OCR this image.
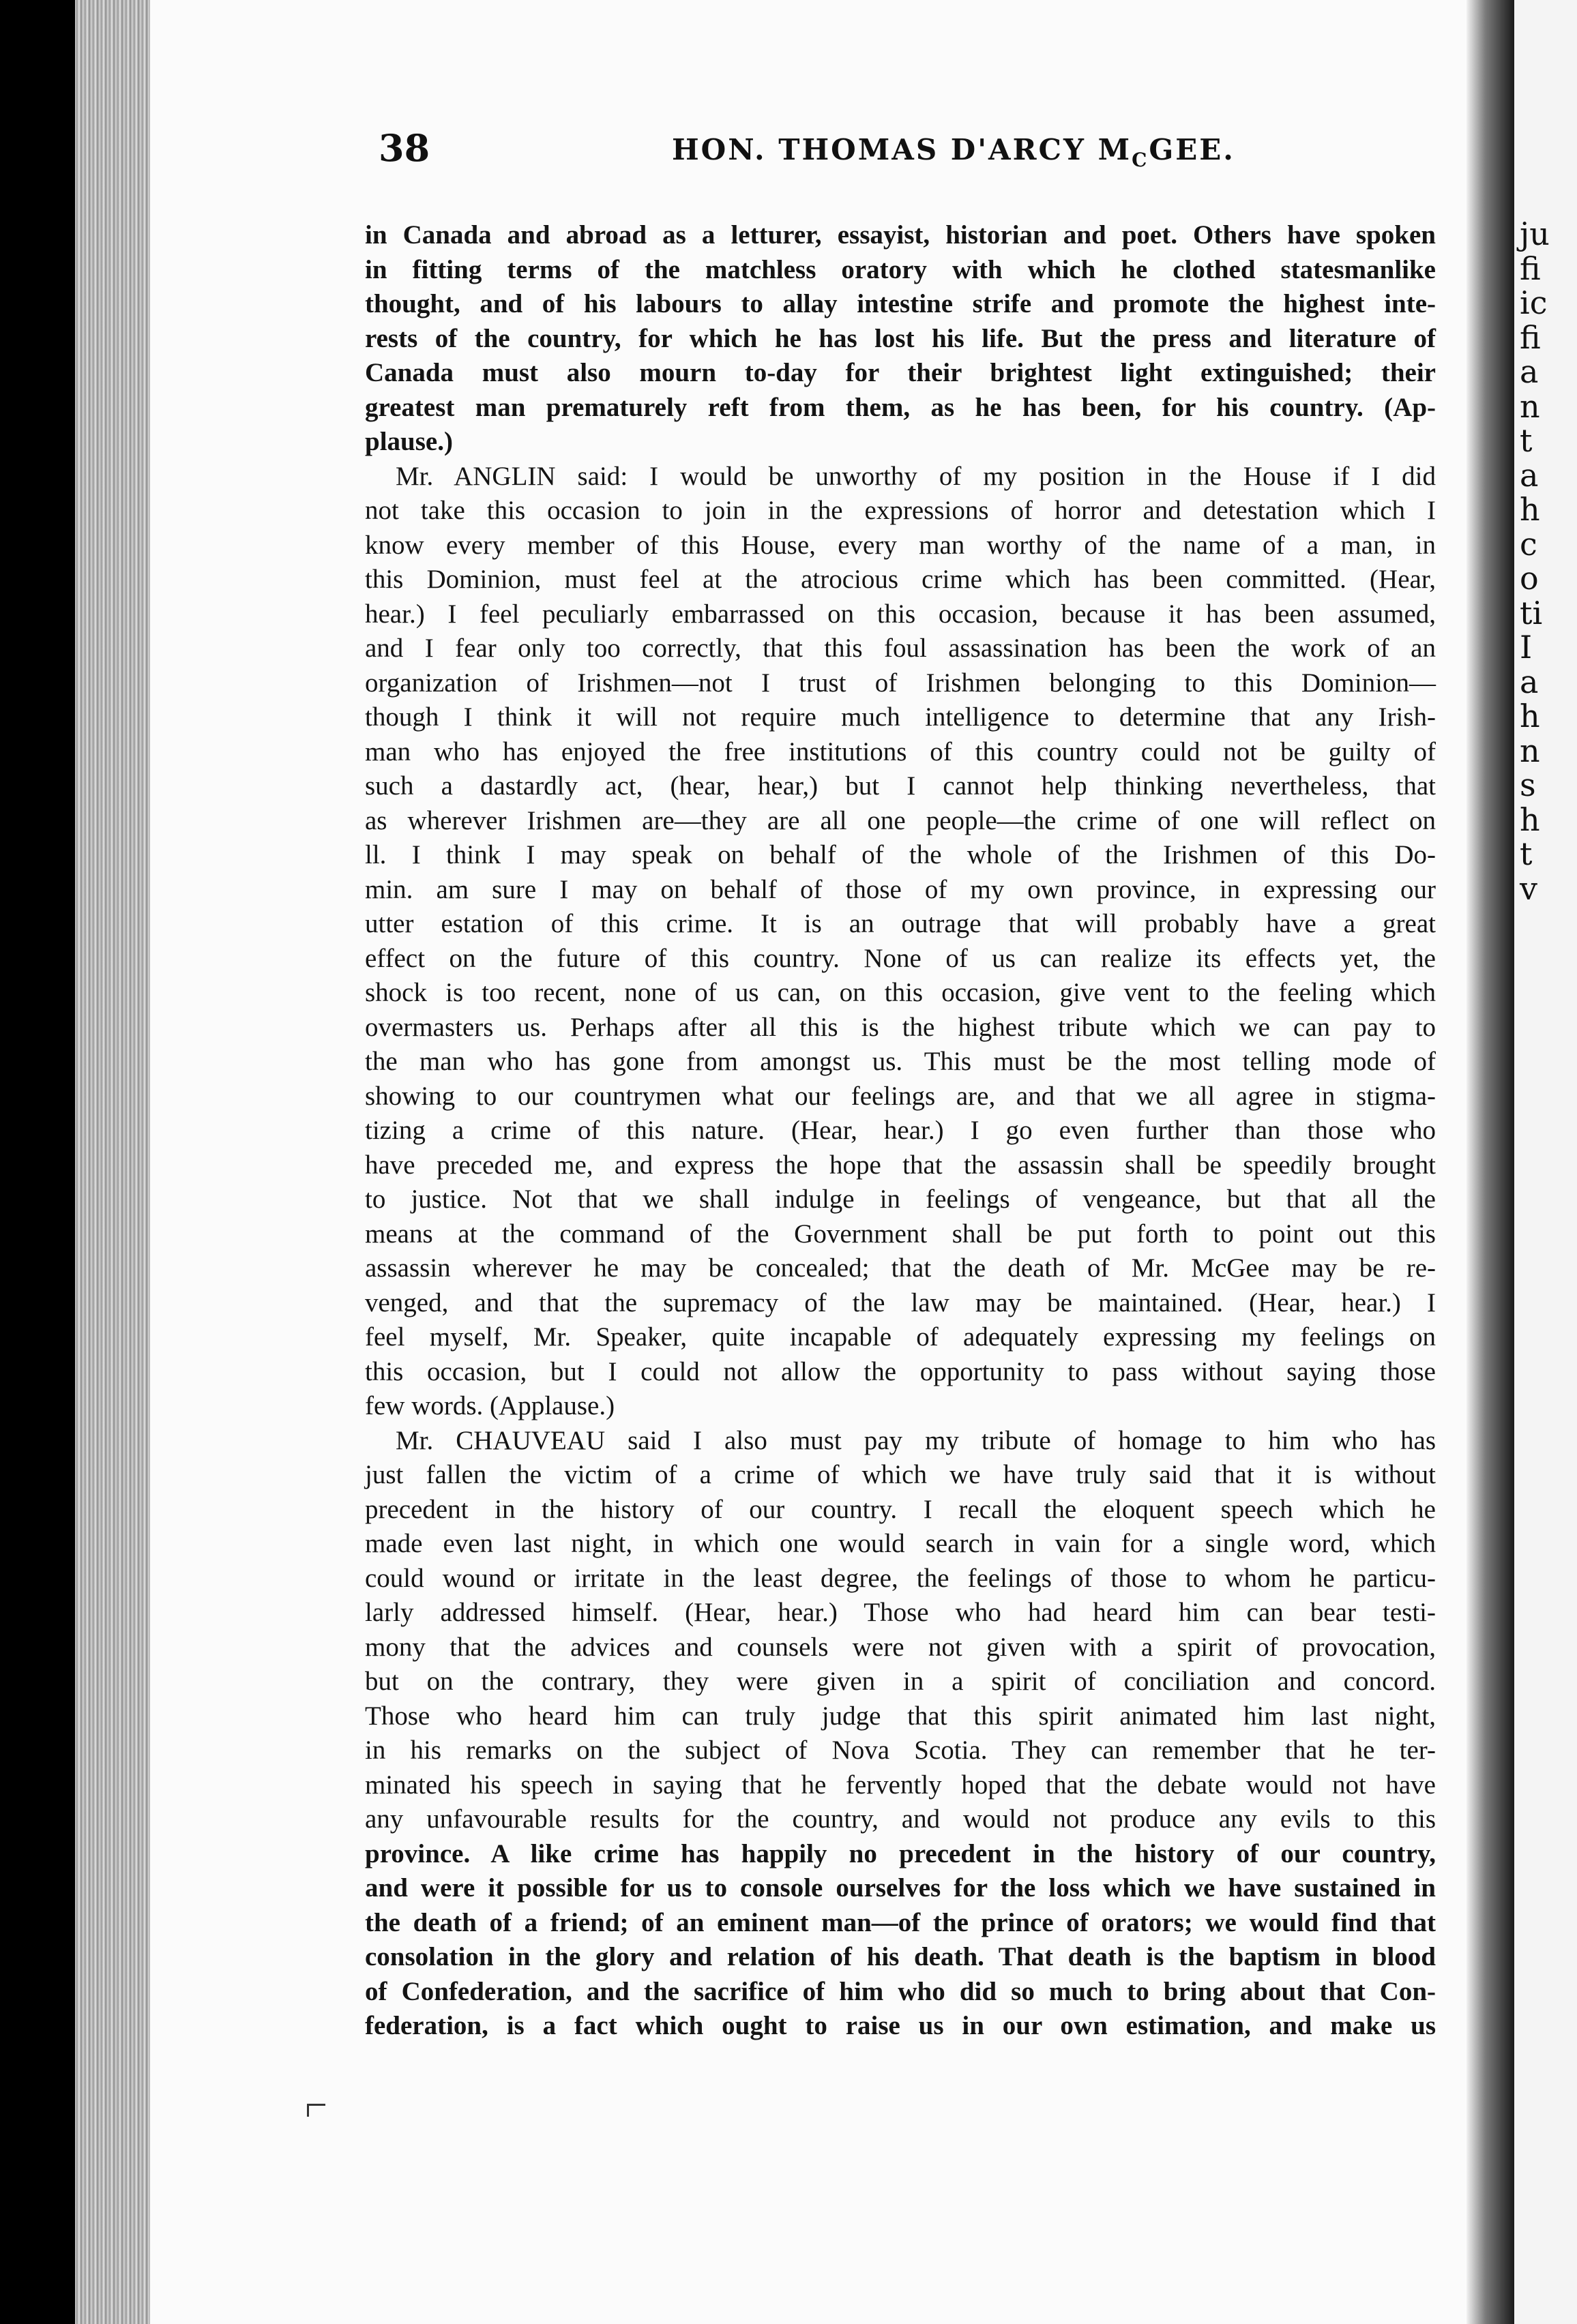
38	HON. THOMAS D'ARCY $M_CGEE$.
in Canada and abroad as a letturer, essayist, historian and poet. Others have spoken
in fitting terms of the matchless oratory with which he clothed statesmanlike
thought, and of his labours to allay intestine strife and promote the highest inte-
rests of the country, for which he has lost his life. But the press and literature of
Canada must also mourn to-day for their brightest light extinguished; their
greatest man prematurely reft from them, as he has been, for his country. (Ap-
plause.)
Mr. ANGLIN said: I would be unworthy of my position in the House if I did
not take this occasion to join in the expressions of horror and detestation which I
know every member of this House, every man worthy of the name of a man, in
this Dominion, must feel at the atrocious crime which has been committed. (Hear,
hear.) I feel peculiarly embarrassed on this occasion, because it has been assumed,
and I fear only too correctly, that this foul assassination has been the work of an
organization of Irishmen—not I trust of Irishmen belonging to this Dominion—
though I think it will not require much intelligence to determine that any Irish-
man who has enjoyed the free institutions of this country could not be guilty of
such a dastardly act, (hear, hear,) but I cannot help thinking nevertheless, that
as wherever Irishmen are—they are all one people—the crime of one will reflect on
ll. I think I may speak on behalf of the whole of the Irishmen of this Do-
min. am sure I may on behalf of those of my own province, in expressing our
utter estation of this crime. It is an outrage that will probably have a great
effect on the future of this country. None of us can realize its effects yet, the
shock is too recent, none of us can, on this occasion, give vent to the feeling which
overmasters us. Perhaps after all this is the highest tribute which we can pay to
the man who has gone from amongst us. This must be the most telling mode of
showing to our countrymen what our feelings are, and that we all agree in stigma-
tizing a crime of this nature. (Hear, hear.) I go even further than those who
have preceded me, and express the hope that the assassin shall be speedily brought
to justice. Not that we shall indulge in feelings of vengeance, but that all the
means at the command of the Government shall be put forth to point out this
assassin wherever he may be concealed; that the death of Mr. McGee may be re-
venged, and that the supremacy of the law may be maintained. (Hear, hear.) I
feel myself, Mr. Speaker, quite incapable of adequately expressing my feelings on
this occasion, but I could not allow the opportunity to pass without saying those
few words. (Applause.)
Mr. CHAUVEAU said I also must pay my tribute of homage to him who has
just fallen the victim of a crime of which we have truly said that it is without
precedent in the history of our country. I recall the eloquent speech which he
made even last night, in which one would search in vain for a single word, which
could wound or irritate in the least degree, the feelings of those to whom he particu-
larly addressed himself. (Hear, hear.) Those who had heard him can bear testi-
mony that the advices and counsels were not given with a spirit of provocation,
but on the contrary, they were given in a spirit of conciliation and concord.
Those who heard him can truly judge that this spirit animated him last night,
in his remarks on the subject of Nova Scotia. They can remember that he ter-
minated his speech in saying that he fervently hoped that the debate would not have
any unfavourable results for the country, and would not produce any evils to this
province. A like crime has happily no precedent in the history of our country,
and were it possible for us to console ourselves for the loss which we have sustained in
the death of a friend; of an eminent man—of the prince of orators; we would find that
consolation in the glory and relation of his death. That death is the baptism in blood
of Confederation, and the sacrifice of him who did so much to bring about that Con-
federation, is a fact which ought to raise us in our own estimation, and make us
ju
fi
ic
fi
a
n
t
a
h
c
o
ti
I
a
h
n
s
h
t
v
